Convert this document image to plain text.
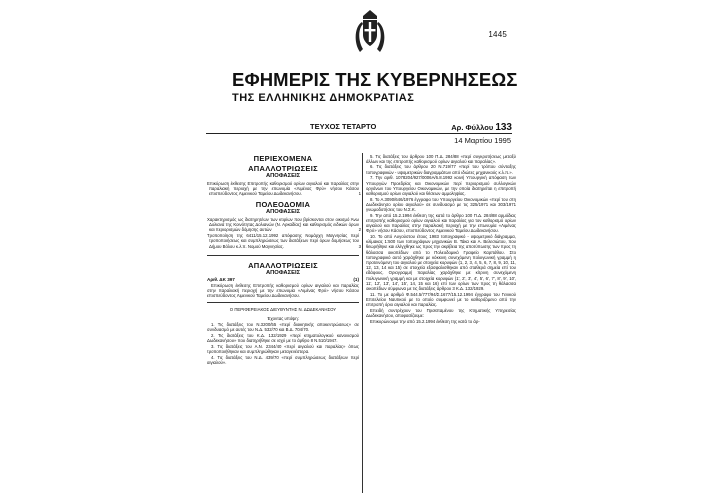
1445
ΕΦΗΜΕΡΙΣ ΤΗΣ ΚΥΒΕΡΝΗΣΕΩΣ
ΤΗΣ ΕΛΛΗΝΙΚΗΣ ΔΗΜΟΚΡΑΤΙΑΣ
ΤΕΥΧΟΣ ΤΕΤΑΡΤΟ	Αρ. Φύλλου 133
14 Μαρτίου 1995
ΠΕΡΙΕΧΟΜΕΝΑ
ΑΠΑΛΛΟΤΡΙΩΣΕΙΣ
ΑΠΟΦΑΣΕΙΣ
Επικύρωση έκθεσης Επιτροπής καθορισμού ορίων αιγιαλού και παραλίας στην παραλιακή περιοχή με την επωνυμία «Λιμένας Φρύ» νήσου Κάσου επισπεύδοντος Λιμενικού Ταμείου Δωδεκανήσου.	1
ΠΟΛΕΟΔΟΜΙΑ
ΑΠΟΦΑΣΕΙΣ
Χαρακτηρισμός ως διατηρητέων των κτιρίων που βρίσκονται στον οικισμό Άνω Δολιανά της Κοινότητας Δολιανών (Ν. Αρκαδίας) και καθορισμός ειδικών όρων και περιορισμών δόμησης αυτών	2
Τροποποίηση της 6411/15.12.1992 απόφασης Νομάρχη Μαγνησίας περί τροποποιήσεως και συμπληρώσεως των διατάξεων περί όρων δομήσεως του Δήμου Βόλου κ.λ.π. Νομού Μαγνησίας.	3
ΑΠΑΛΛΟΤΡΙΩΣΕΙΣ
ΑΠΟΦΑΣΕΙΣ
Αριθ. ΔΚ 397	(1)

Επικύρωση έκθεσης Επιτροπής καθορισμού ορίων αιγιαλού και παραλίας στην παραλιακή περιοχή με την επωνυμία «Λιμένας Φρύ» νήσου Κάσου επισπεύδοντος Λιμενικού Ταμείου Δωδεκανήσου.

Ο ΠΕΡΙΦΕΡΕΙΑΚΟΣ ΔΙΕΥΘΥΝΤΗΣ Ν. ΔΩΔΕΚΑΝΗΣΟΥ

Έχοντας υπόψη:

1. Τις διατάξεις του Ν.3200/55 «περί διοικητικής αποκεντρώσεως» σε συνδυασμό με αυτές του Ν.Δ. 532/70 και Β.Δ. 704/70.

2. Τις διατάξεις του Κ.Δ. 132/1929 «περί κτηματολογικού κανονισμού Δωδεκανήσου» που διατηρήθηκε σε ισχύ με το άρθρο 8 Ν.510/1947.

3. Τις διατάξεις του Α.Ν. 2344/40 «περί αιγιαλού και παραλίας» όπως τροποποιήθηκαν και συμπληρώθηκαν μεταγενέστερα.

4. Τις διατάξεις του Ν.Δ. 439/70 «περί συμπληρώσεως διατάξεων περί αιγιαλού».

5. Τις διατάξεις του άρθρου 100 Π.Δ. 284/88 «περί συγκροτήσεως μεταξύ άλλων και της επιτροπής καθορισμού ορίων αιγιαλού και παραλίας».

6. Τις διατάξεις του άρθρου 20 Ν.719/77 «περί του τρόπου σύνταξης τοπογραφικών - υψομετρικών διαγραμμάτων από ιδιώτες μηχανικούς κ.λ.π.».

7. Την αριθ. 1078204/927/0006Α/6.8.1992 κοινή Υπουργική απόφαση των Υπουργών Προεδρίας και Οικονομικών περί περιορισμού συλλογικών οργάνων του Υπουργείου Οικονομικών, με την οποία διατηρείται η επιτροπή καθορισμού ορίων αιγιαλού και θέσεων αμμοληψίας.

8. Το Α.3090/646/1976 έγγραφο του Υπουργείου Οικονομικών «περί του στη Δωδεκάνησο ορίου αιγιαλού» σε συνδυασμό με τις 325/1971 και 303/1971 γνωμοδοτήσεις του Ν.Σ.Κ.

9. Την από 15.2.1994 έκθεση της κατά το άρθρο 100 Π.Δ. 284/88 αρμόδιας επιτροπής καθορισμού ορίων αιγιαλού και παραλίας για τον καθορισμό ορίων αιγιαλού και παραλίας στην παραλιακή περιοχή με την επωνυμία «Λιμένας Φρύ» νήσου Κάσου, επισπεύδοντος Λιμενικού Ταμείου Δωδεκανήσου.

10. Το από Αυγούστου έτους 1983 τοπογραφικό - υψομετρικό διάγραμμα, κλίμακας 1:500 των τοπογράφων μηχανικών Β. Τάκα και Α. Βελεσιώτου, που θεωρήθηκε και ελέγχθηκε ως προς την ακρίβεια της αποτύπωσης των προς τη θάλασσα οικοπέδων από το Πολεοδομικό Γραφείο Καρπάθου. Στο τοπογραφικό αυτό χαράχθηκε με κόκκινη συνεχόμενη πολυγωνική γραμμή η προτεινόμενη του αιγιαλού με στοιχεία κορυφών (1, 2, 3, 4, 5, 6, 7, 8, 9, 10, 11, 12, 13, 14 και 15) σε στοιχεία εξασφαλισθηκαν από σταθερά σημεία επί του εδάφους. Οριογραμμή παραλίας χαράχθηκε με κίτρινη συνεχόμενη πολυγωνική γραμμή και με στοιχεία κορυφών (1', 2', 3', 4', 5', 6', 7', 8', 9', 10', 11', 12', 13', 14', 15', 14, 15 και 16) επί των ορίων των προς τη θάλασσα οικοπέδων σύμφωνα με τις διατάξεις άρθρου 3 Κ.Δ. 132/1929.

11. Το με αριθμό Φ.544.5/777/94/Σ.1677/15.12.1994 έγγραφο του Γενικού Επιτελείου Ναυτικού με το οποίο συμφωνεί με το καθοριζόμενο από την επιτροπή όριο αιγιαλού και παραλίας.

Επειδή συντρέχουν του Προϊσταμένου της Κτηματικής Υπηρεσίας Δωδεκανήσου, αποφασίζουμε:

Επικυρώνουμε την από 15.2.1994 έκθεση της κατά το άρ-
